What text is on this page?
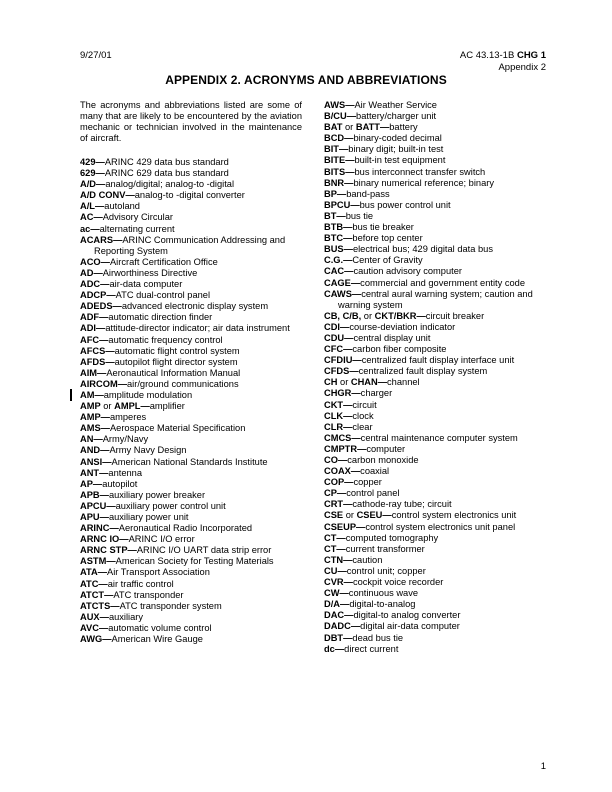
9/27/01	AC 43.13-1B CHG 1
Appendix 2
APPENDIX 2. ACRONYMS AND ABBREVIATIONS
The acronyms and abbreviations listed are some of many that are likely to be encountered by the aviation mechanic or technician involved in the maintenance of aircraft.
429—ARINC 429 data bus standard
629—ARINC 629 data bus standard
A/D—analog/digital; analog-to -digital
A/D CONV—analog-to -digital converter
A/L—autoland
AC—Advisory Circular
ac—alternating current
ACARS—ARINC Communication Addressing and Reporting System
ACO—Aircraft Certification Office
AD—Airworthiness Directive
ADC—air-data computer
ADCP—ATC dual-control panel
ADEDS—advanced electronic display system
ADF—automatic direction finder
ADI—attitude-director indicator; air data instrument
AFC—automatic frequency control
AFCS—automatic flight control system
AFDS—autopilot flight director system
AIM—Aeronautical Information Manual
AIRCOM—air/ground communications
AM—amplitude modulation
AMP or AMPL—amplifier
AMP—amperes
AMS—Aerospace Material Specification
AN—Army/Navy
AND—Army Navy Design
ANSI—American National Standards Institute
ANT—antenna
AP—autopilot
APB—auxiliary power breaker
APCU—auxiliary power control unit
APU—auxiliary power unit
ARINC—Aeronautical Radio Incorporated
ARNC IO—ARINC I/O error
ARNC STP—ARINC I/O UART data strip error
ASTM—American Society for Testing Materials
ATA—Air Transport Association
ATC—air traffic control
ATCT—ATC transponder
ATCTS—ATC transponder system
AUX—auxiliary
AVC—automatic volume control
AWG—American Wire Gauge
AWS—Air Weather Service
B/CU—battery/charger unit
BAT or BATT—battery
BCD—binary-coded decimal
BIT—binary digit; built-in test
BITE—built-in test equipment
BITS—bus interconnect transfer switch
BNR—binary numerical reference; binary
BP—band-pass
BPCU—bus power control unit
BT—bus tie
BTB—bus tie breaker
BTC—before top center
BUS—electrical bus; 429 digital data bus
C.G.—Center of Gravity
CAC—caution advisory computer
CAGE—commercial and government entity code
CAWS—central aural warning system; caution and warning system
CB, C/B, or CKT/BKR—circuit breaker
CDI—course-deviation indicator
CDU—central display unit
CFC—carbon fiber composite
CFDIU—centralized fault display interface unit
CFDS—centralized fault display system
CH or CHAN—channel
CHGR—charger
CKT—circuit
CLK—clock
CLR—clear
CMCS—central maintenance computer system
CMPTR—computer
CO—carbon monoxide
COAX—coaxial
COP—copper
CP—control panel
CRT—cathode-ray tube; circuit
CSE or CSEU—control system electronics unit
CSEUP—control system electronics unit panel
CT—computed tomography
CT—current transformer
CTN—caution
CU—control unit; copper
CVR—cockpit voice recorder
CW—continuous wave
D/A—digital-to-analog
DAC—digital-to analog converter
DADC—digital air-data computer
DBT—dead bus tie
dc—direct current
1
